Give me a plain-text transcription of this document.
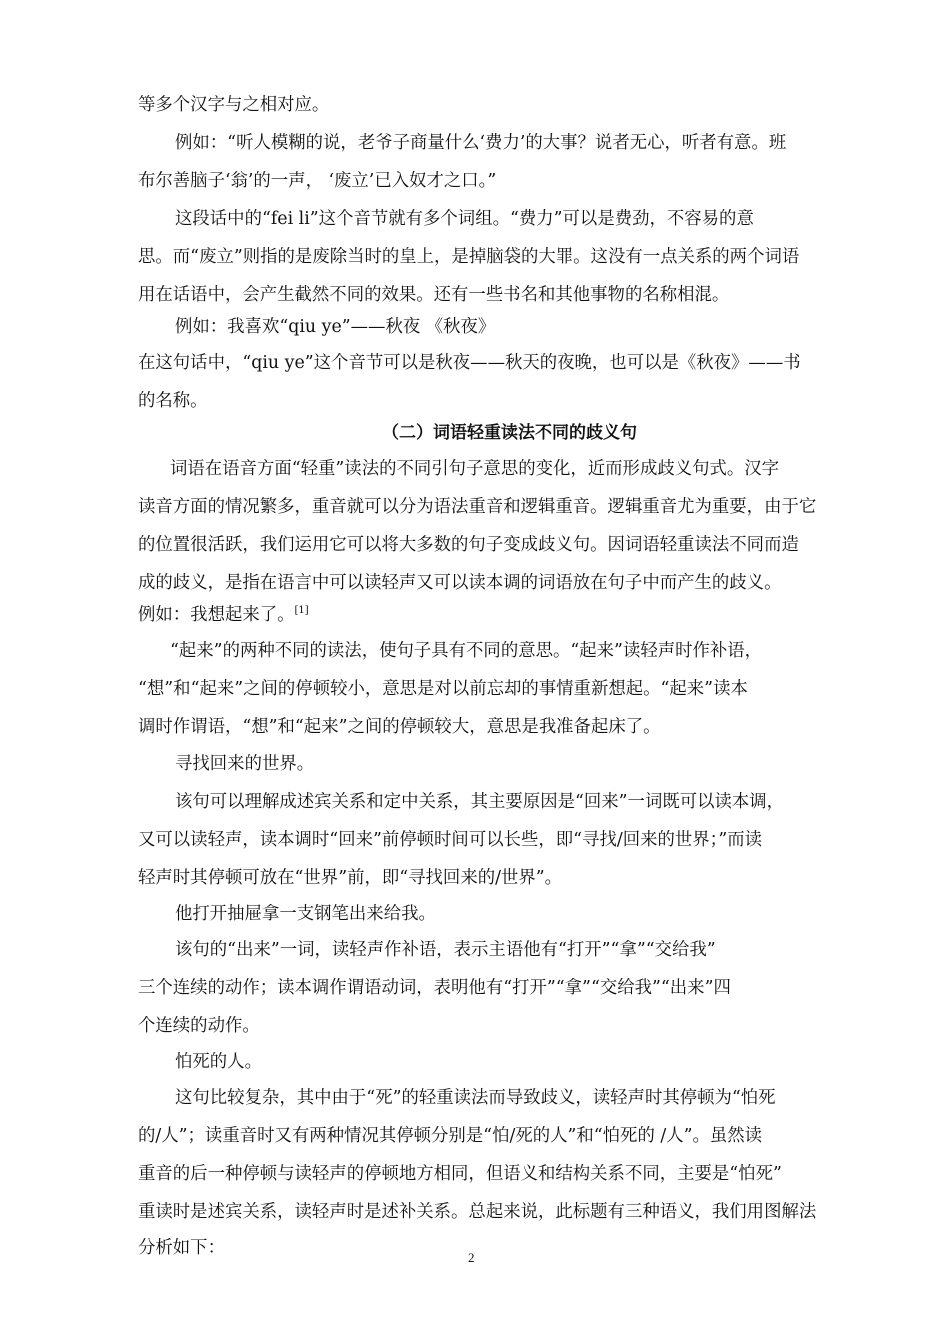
等多个汉字与之相对应。
例如：“听人模糊的说，老爷子商量什么‘费力’的大事？说者无心，听者有意。班
布尔善脑子‘翁’的一声， ‘废立’已入奴才之口。”
这段话中的“fei li”这个音节就有多个词组。“费力”可以是费劲，不容易的意
思。而“废立”则指的是废除当时的皇上，是掉脑袋的大罪。这没有一点关系的两个词语
用在话语中，会产生截然不同的效果。还有一些书名和其他事物的名称相混。
例如：我喜欢“qiu ye”——秋夜 《秋夜》
在这句话中，“qiu ye”这个音节可以是秋夜——秋天的夜晚，也可以是《秋夜》——书
的名称。
（二）词语轻重读法不同的歧义句
词语在语音方面“轻重”读法的不同引句子意思的变化，近而形成歧义句式。汉字
读音方面的情况繁多，重音就可以分为语法重音和逻辑重音。逻辑重音尤为重要，由于它
的位置很活跃，我们运用它可以将大多数的句子变成歧义句。因词语轻重读法不同而造
成的歧义，是指在语言中可以读轻声又可以读本调的词语放在句子中而产生的歧义。
例如：我想起来了。[1]
“起来”的两种不同的读法，使句子具有不同的意思。“起来”读轻声时作补语，
“想”和“起来”之间的停顿较小，意思是对以前忘却的事情重新想起。“起来”读本
调时作谓语，“想”和“起来”之间的停顿较大，意思是我准备起床了。
寻找回来的世界。
该句可以理解成述宾关系和定中关系，其主要原因是“回来”一词既可以读本调，
又可以读轻声，读本调时“回来”前停顿时间可以长些，即“寻找/回来的世界；”而读
轻声时其停顿可放在“世界”前，即“寻找回来的/世界”。
他打开抽屉拿一支钢笔出来给我。
该句的“出来”一词，读轻声作补语，表示主语他有“打开”“拿”“交给我”
三个连续的动作；读本调作谓语动词，表明他有“打开”“拿”“交给我”“出来”四
个连续的动作。
怕死的人。
这句比较复杂，其中由于“死”的轻重读法而导致歧义，读轻声时其停顿为“怕死
的/人”；读重音时又有两种情况其停顿分别是“怕/死的人”和“怕死的 /人”。虽然读
重音的后一种停顿与读轻声的停顿地方相同，但语义和结构关系不同，主要是“怕死”
重读时是述宾关系，读轻声时是述补关系。总起来说，此标题有三种语义，我们用图解法
分析如下：	2
